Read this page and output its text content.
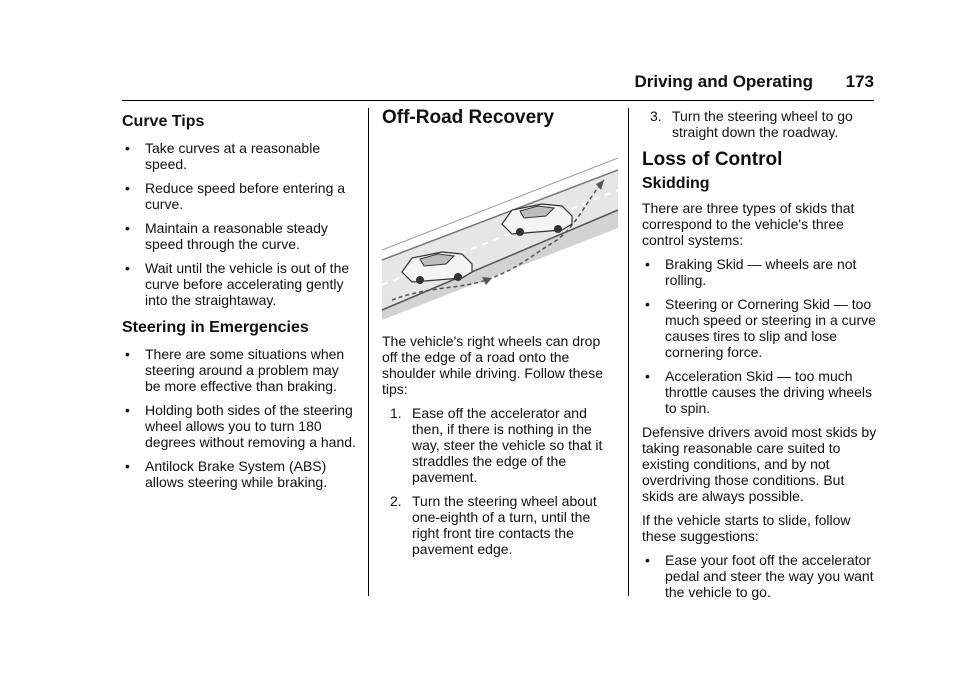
Driving and Operating 173
Curve Tips
• Take curves at a reasonable speed.
• Reduce speed before entering a curve.
• Maintain a reasonable steady speed through the curve.
• Wait until the vehicle is out of the curve before accelerating gently into the straightaway.
Steering in Emergencies
• There are some situations when steering around a problem may be more effective than braking.
• Holding both sides of the steering wheel allows you to turn 180 degrees without removing a hand.
• Antilock Brake System (ABS) allows steering while braking.
Off-Road Recovery

The vehicle's right wheels can drop off the edge of a road onto the shoulder while driving. Follow these tips:

1. Ease off the accelerator and then, if there is nothing in the way, steer the vehicle so that it straddles the edge of the pavement.
2. Turn the steering wheel about one-eighth of a turn, until the right front tire contacts the pavement edge.
3. Turn the steering wheel to go straight down the roadway.
Loss of Control
Skidding

There are three types of skids that correspond to the vehicle's three control systems:

• Braking Skid — wheels are not rolling.
• Steering or Cornering Skid — too much speed or steering in a curve causes tires to slip and lose cornering force.
• Acceleration Skid — too much throttle causes the driving wheels to spin.

Defensive drivers avoid most skids by taking reasonable care suited to existing conditions, and by not overdriving those conditions. But skids are always possible.

If the vehicle starts to slide, follow these suggestions:

• Ease your foot off the accelerator pedal and steer the way you want the vehicle to go.
